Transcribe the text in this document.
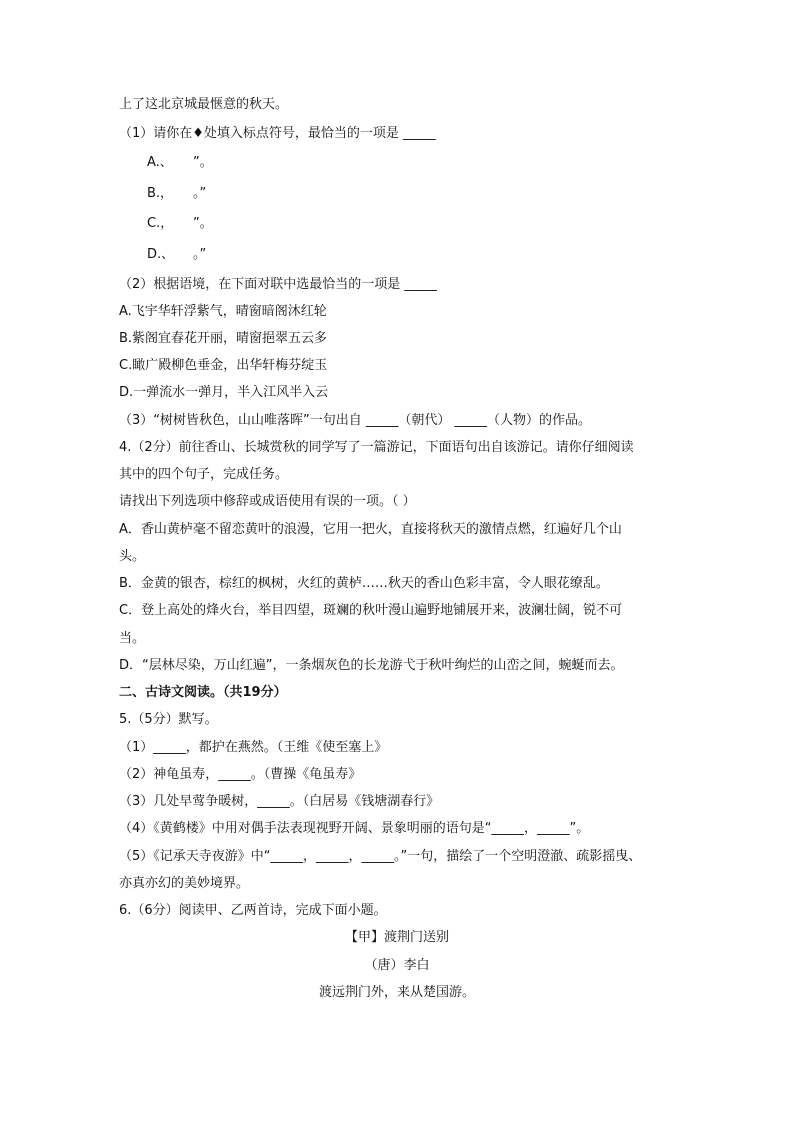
上了这北京城最惬意的秋天。
（1）请你在♦处填入标点符号，最恰当的一项是 _____
A.、 ”。
B.， 。”
C.， ”。
D.、 。”
（2）根据语境，在下面对联中选最恰当的一项是 _____
A.飞宇华轩浮紫气，晴窗暗阁沐红轮
B.紫阁宜春花开丽，晴窗挹翠五云多
C.瞰广殿柳色垂金，出华轩梅芬绽玉
D.一弹流水一弹月，半入江风半入云
（3）“树树皆秋色，山山唯落晖”一句出自 _____（朝代） _____（人物）的作品。
4.（2分）前往香山、长城赏秋的同学写了一篇游记，下面语句出自该游记。请你仔细阅读
其中的四个句子，完成任务。
请找出下列选项中修辞或成语使用有误的一项。（ ）
A．香山黄栌毫不留恋黄叶的浪漫，它用一把火，直接将秋天的激情点燃，红遍好几个山
头。
B．金黄的银杏，棕红的枫树，火红的黄栌……秋天的香山色彩丰富，令人眼花缭乱。
C．登上高处的烽火台，举目四望，斑斓的秋叶漫山遍野地铺展开来，波澜壮阔，锐不可
当。
D．“层林尽染，万山红遍”，一条烟灰色的长龙游弋于秋叶绚烂的山峦之间，蜿蜒而去。
二、古诗文阅读。（共19分）
5.（5分）默写。
（1）_____，都护在燕然。（王维《使至塞上》
（2）神龟虽寿，_____。（曹操《龟虽寿》
（3）几处早莺争暖树，_____。（白居易《钱塘湖春行》
（4）《黄鹤楼》中用对偶手法表现视野开阔、景象明丽的语句是“_____，_____”。
（5）《记承天寺夜游》中“_____，_____，_____。”一句，描绘了一个空明澄澈、疏影摇曳、
亦真亦幻的美妙境界。
6.（6分）阅读甲、乙两首诗，完成下面小题。
【甲】渡荆门送别
（唐）李白
渡远荆门外，来从楚国游。
